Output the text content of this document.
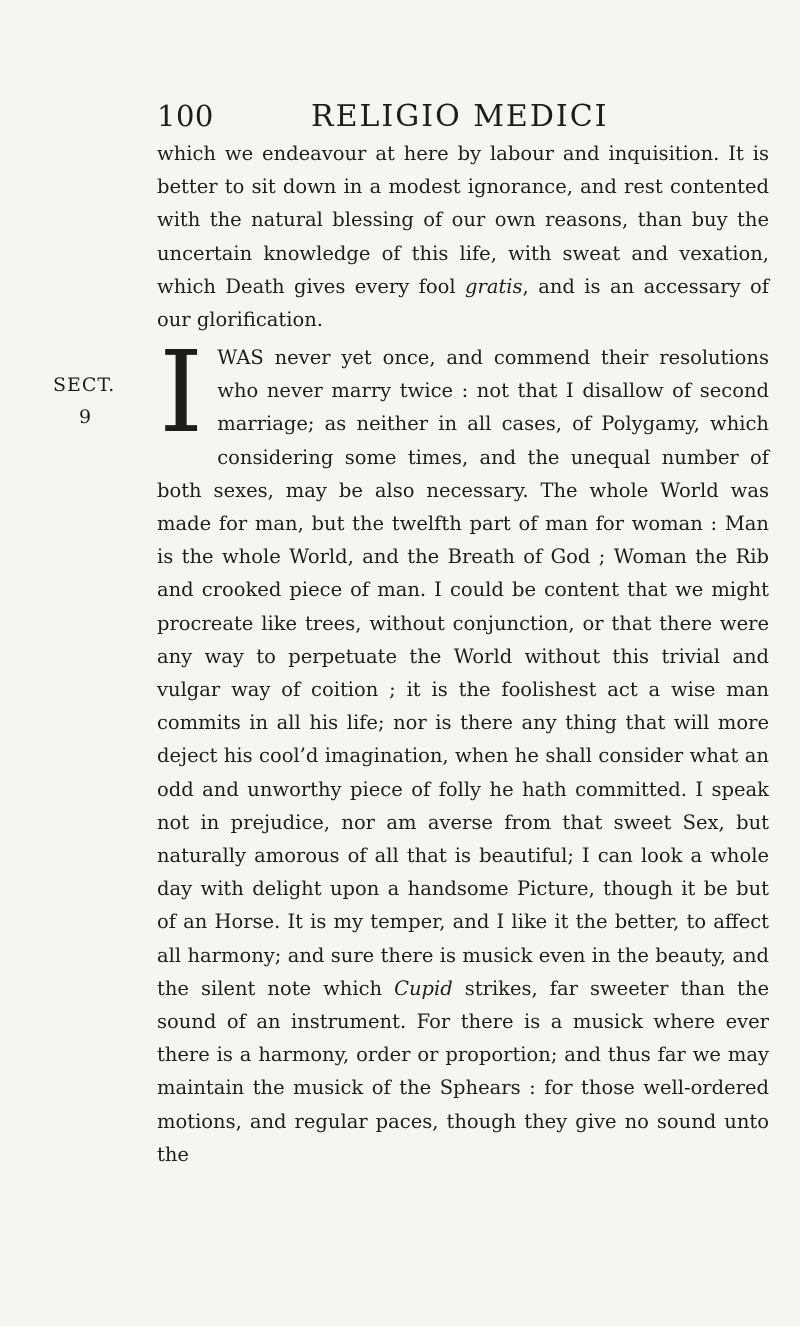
100	RELIGIO MEDICI
which we endeavour at here by labour and inquisition. It is better to sit down in a modest ignorance, and rest contented with the natural blessing of our own reasons, than buy the uncertain knowledge of this life, with sweat and vexation, which Death gives every fool gratis, and is an accessary of our glorification.
SECT.
9 I WAS never yet once, and commend their resolutions who never marry twice : not that I disallow of second marriage; as neither in all cases, of Polygamy, which considering some times, and the unequal number of both sexes, may be also necessary. The whole World was made for man, but the twelfth part of man for woman : Man is the whole World, and the Breath of God ; Woman the Rib and crooked piece of man. I could be content that we might procreate like trees, without conjunction, or that there were any way to perpetuate the World without this trivial and vulgar way of coition ; it is the foolishest act a wise man commits in all his life; nor is there any thing that will more deject his cool’d imagination, when he shall consider what an odd and unworthy piece of folly he hath committed. I speak not in prejudice, nor am averse from that sweet Sex, but naturally amorous of all that is beautiful; I can look a whole day with delight upon a handsome Picture, though it be but of an Horse. It is my temper, and I like it the better, to affect all harmony; and sure there is musick even in the beauty, and the silent note which Cupid strikes, far sweeter than the sound of an instrument. For there is a musick where ever there is a harmony, order or proportion; and thus far we may maintain the musick of the Sphears : for those well-ordered motions, and regular paces, though they give no sound unto the
